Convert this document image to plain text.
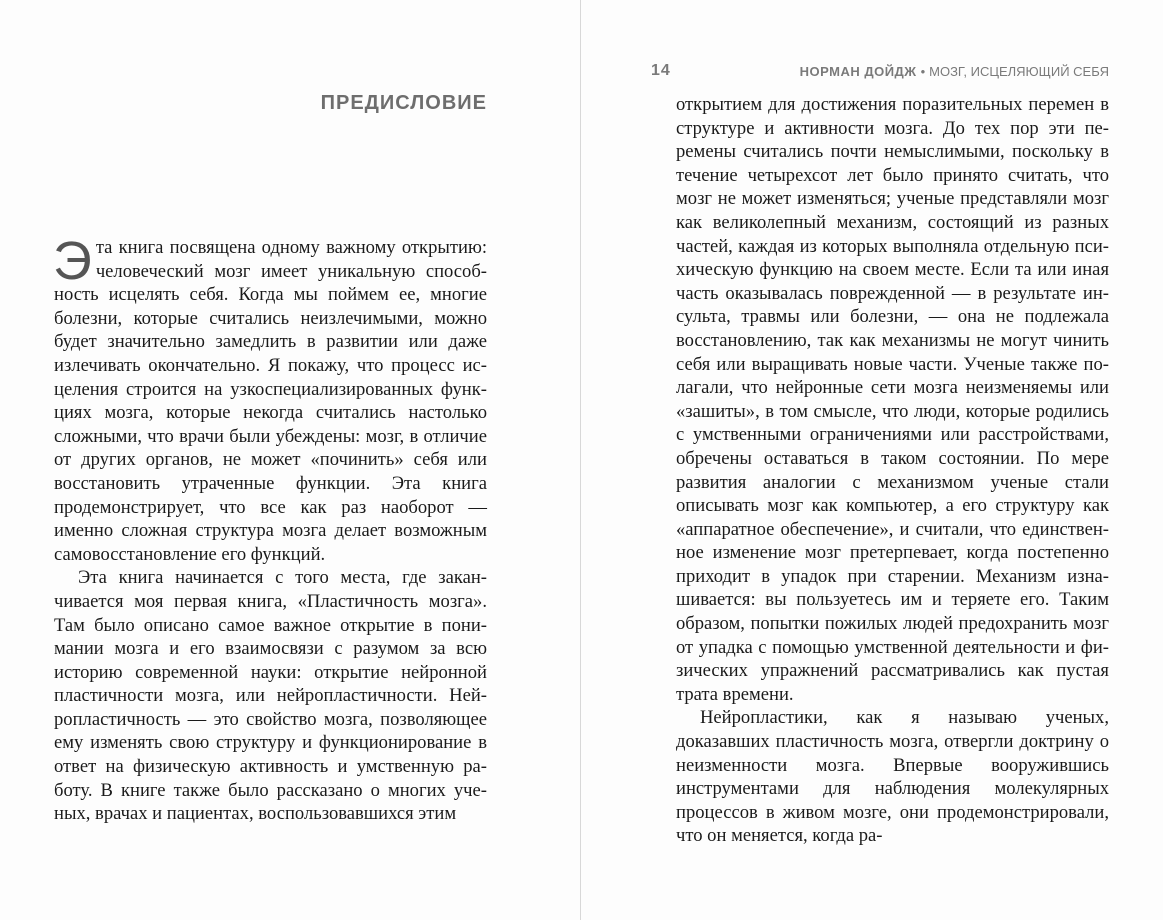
ПРЕДИСЛОВИЕ

Эта книга посвящена одному важному открытию: человеческий мозг имеет уникальную способность исцелять себя. Когда мы поймем ее, многие болезни, которые считались неизлечимыми, можно будет значительно замедлить в развитии или даже излечивать окончательно. Я покажу, что процесс исцеления строится на узкоспециализированных функциях мозга, которые некогда считались настолько сложными, что врачи были убеждены: мозг, в отличие от других органов, не может «починить» себя или восстановить утраченные функции. Эта книга продемонстрирует, что все как раз наоборот — именно сложная структура мозга делает возможным самовосстановление его функций.

Эта книга начинается с того места, где заканчивается моя первая книга, «Пластичность мозга». Там было описано самое важное открытие в понимании мозга и его взаимосвязи с разумом за всю историю современной науки: открытие нейронной пластичности мозга, или нейропластичности. Нейропластичность — это свойство мозга, позволяющее ему изменять свою структуру и функционирование в ответ на физическую активность и умственную работу. В книге также было рассказано о многих ученых, врачах и пациентах, воспользовавшихся этим

14	НОРМАН ДОЙДЖ • МОЗГ, ИСЦЕЛЯЮЩИЙ СЕБЯ

открытием для достижения поразительных перемен в структуре и активности мозга. До тех пор эти перемены считались почти немыслимыми, поскольку в течение четырехсот лет было принято считать, что мозг не может изменяться; ученые представляли мозг как великолепный механизм, состоящий из разных частей, каждая из которых выполняла отдельную психическую функцию на своем месте. Если та или иная часть оказывалась поврежденной — в результате инсульта, травмы или болезни, — она не подлежала восстановлению, так как механизмы не могут чинить себя или выращивать новые части. Ученые также полагали, что нейронные сети мозга неизменяемы или «зашиты», в том смысле, что люди, которые родились с умственными ограничениями или расстройствами, обречены оставаться в таком состоянии. По мере развития аналогии с механизмом ученые стали описывать мозг как компьютер, а его структуру как «аппаратное обеспечение», и считали, что единственное изменение мозг претерпевает, когда постепенно приходит в упадок при старении. Механизм изнашивается: вы пользуетесь им и теряете его. Таким образом, попытки пожилых людей предохранить мозг от упадка с помощью умственной деятельности и физических упражнений рассматривались как пустая трата времени.

Нейропластики, как я называю ученых, доказавших пластичность мозга, отвергли доктрину о неизменности мозга. Впервые вооружившись инструментами для наблюдения молекулярных процессов в живом мозге, они продемонстрировали, что он меняется, когда ра-
